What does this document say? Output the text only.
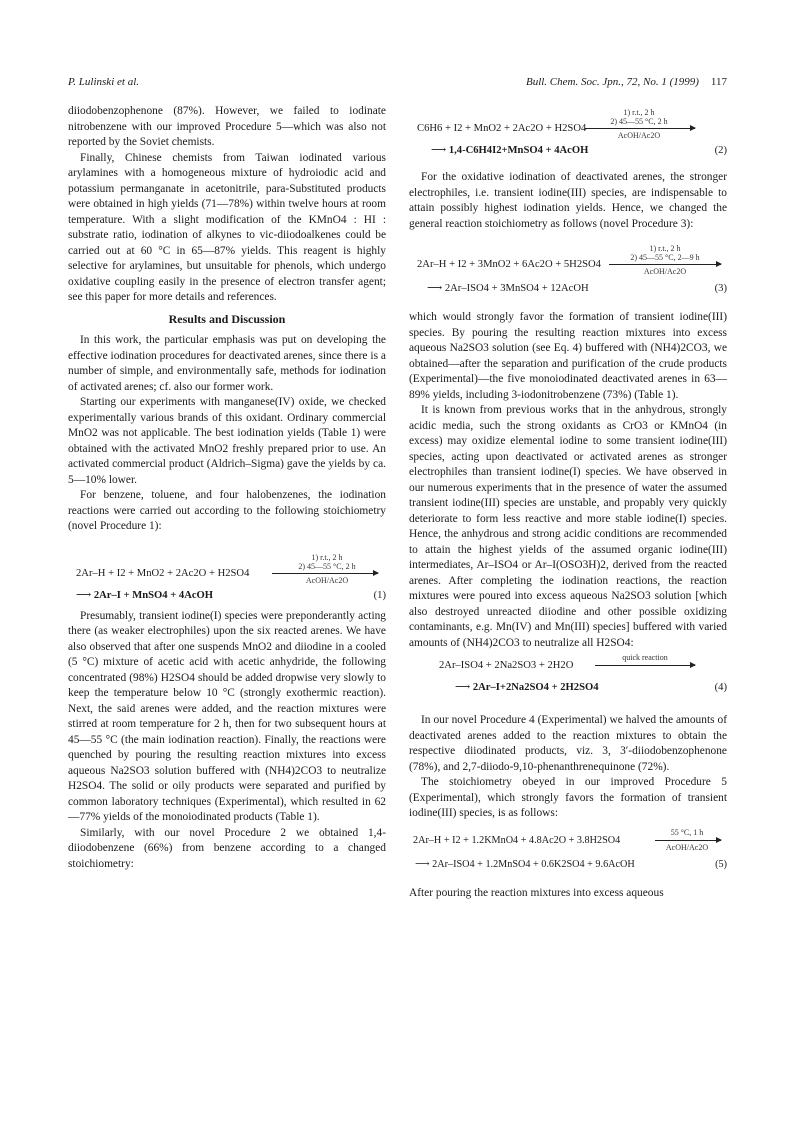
P. Lulinski et al.	Bull. Chem. Soc. Jpn., 72, No. 1 (1999) 117

diiodobenzophenone (87%). However, we failed to iodinate nitrobenzene with our improved Procedure 5—which was also not reported by the Soviet chemists.

Finally, Chinese chemists from Taiwan iodinated various arylamines with a homogeneous mixture of hydroiodic acid and potassium permanganate in acetonitrile, para-Substituted products were obtained in high yields (71—78%) within twelve hours at room temperature. With a slight modification of the KMnO4 : HI : substrate ratio, iodination of alkynes to vic-diiodoalkenes could be carried out at 60 °C in 65—87% yields. This reagent is highly selective for arylamines, but unsuitable for phenols, which undergo oxidative coupling easily in the presence of electron transfer agent; see this paper for more details and references.

Results and Discussion

In this work, the particular emphasis was put on developing the effective iodination procedures for deactivated arenes, since there is a number of simple, and environmentally safe, methods for iodination of activated arenes; cf. also our former work.

Starting our experiments with manganese(IV) oxide, we checked experimentally various brands of this oxidant. Ordinary commercial MnO2 was not applicable. The best iodination yields (Table 1) were obtained with the activated MnO2 freshly prepared prior to use. An activated commercial product (Aldrich–Sigma) gave the yields by ca. 5—10% lower.

For benzene, toluene, and four halobenzenes, the iodination reactions were carried out according to the following stoichiometry (novel Procedure 1):

1) r.t., 2 h
2) 45—55 °C, 2 h
AcOH/Ac2O
2Ar–H + I2 + MnO2 + 2Ac2O + H2SO4
⟶ 2Ar–I + MnSO4 + 4AcOH	(1)

Presumably, transient iodine(I) species were preponderantly acting there (as weaker electrophiles) upon the six reacted arenes. We have also observed that after one suspends MnO2 and diiodine in a cooled (5 °C) mixture of acetic acid with acetic anhydride, the following concentrated (98%) H2SO4 should be added dropwise very slowly to keep the temperature below 10 °C (strongly exothermic reaction). Next, the said arenes were added, and the reaction mixtures were stirred at room temperature for 2 h, then for two subsequent hours at 45—55 °C (the main iodination reaction). Finally, the reactions were quenched by pouring the resulting reaction mixtures into excess aqueous Na2SO3 solution buffered with (NH4)2CO3 to neutralize H2SO4. The solid or oily products were separated and purified by common laboratory techniques (Experimental), which resulted in 62—77% yields of the monoiodinated products (Table 1).

Similarly, with our novel Procedure 2 we obtained 1,4-diiodobenzene (66%) from benzene according to a changed stoichiometry:

1) r.t., 2 h
2) 45—55 °C, 2 h
AcOH/Ac2O
C6H6 + I2 + MnO2 + 2Ac2O + H2SO4
⟶ 1,4-C6H4I2+MnSO4 + 4AcOH	(2)

For the oxidative iodination of deactivated arenes, the stronger electrophiles, i.e. transient iodine(III) species, are indispensable to attain possibly highest iodination yields. Hence, we changed the general reaction stoichiometry as follows (novel Procedure 3):

1) r.t., 2 h
2) 45—55 °C, 2—9 h
AcOH/Ac2O
2Ar–H + I2 + 3MnO2 + 6Ac2O + 5H2SO4
⟶ 2Ar–ISO4 + 3MnSO4 + 12AcOH	(3)

which would strongly favor the formation of transient iodine(III) species. By pouring the resulting reaction mixtures into excess aqueous Na2SO3 solution (see Eq. 4) buffered with (NH4)2CO3, we obtained—after the separation and purification of the crude products (Experimental)—the five monoiodinated deactivated arenes in 63—89% yields, including 3-iodonitrobenzene (73%) (Table 1).

It is known from previous works that in the anhydrous, strongly acidic media, such the strong oxidants as CrO3 or KMnO4 (in excess) may oxidize elemental iodine to some transient iodine(III) species, acting upon deactivated or activated arenes as stronger electrophiles than transient iodine(I) species. We have observed in our numerous experiments that in the presence of water the assumed transient iodine(III) species are unstable, and propably very quickly deteriorate to form less reactive and more stable iodine(I) species. Hence, the anhydrous and strong acidic conditions are recommended to attain the highest yields of the assumed organic iodine(III) intermediates, Ar–ISO4 or Ar–I(OSO3H)2, derived from the reacted arenes. After completing the iodination reactions, the reaction mixtures were poured into excess aqueous Na2SO3 solution [which also destroyed unreacted diiodine and other possible oxidizing contaminants, e.g. Mn(IV) and Mn(III) species] buffered with varied amounts of (NH4)2CO3 to neutralize all H2SO4:

quick reaction
2Ar–ISO4 + 2Na2SO3 + 2H2O
⟶ 2Ar–I+2Na2SO4 + 2H2SO4	(4)

In our novel Procedure 4 (Experimental) we halved the amounts of deactivated arenes added to the reaction mixtures to obtain the respective diiodinated products, viz. 3, 3′-diiodobenzophenone (78%), and 2,7-diiodo-9,10-phenanthrenequinone (72%).

The stoichiometry obeyed in our improved Procedure 5 (Experimental), which strongly favors the formation of transient iodine(III) species, is as follows:

55 °C, 1 h
AcOH/Ac2O
2Ar–H + I2 + 1.2KMnO4 + 4.8Ac2O + 3.8H2SO4
⟶ 2Ar–ISO4 + 1.2MnSO4 + 0.6K2SO4 + 9.6AcOH	(5)

After pouring the reaction mixtures into excess aqueous
